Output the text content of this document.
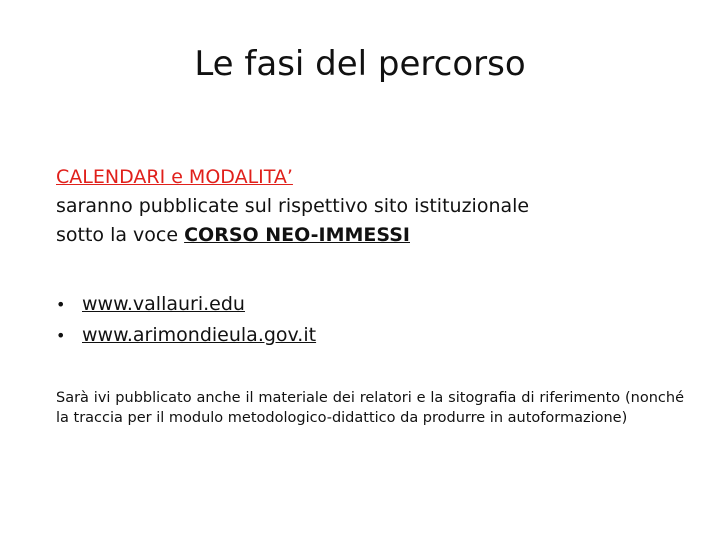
Le fasi del percorso
CALENDARI e MODALITA’
saranno pubblicate sul rispettivo sito istituzionale
sotto la voce CORSO NEO-IMMESSI
• www.vallauri.edu
• www.arimondieula.gov.it

Sarà ivi pubblicato anche il materiale dei relatori e la sitografia di riferimento (nonché la traccia per il modulo metodologico-didattico da produrre in autoformazione)
